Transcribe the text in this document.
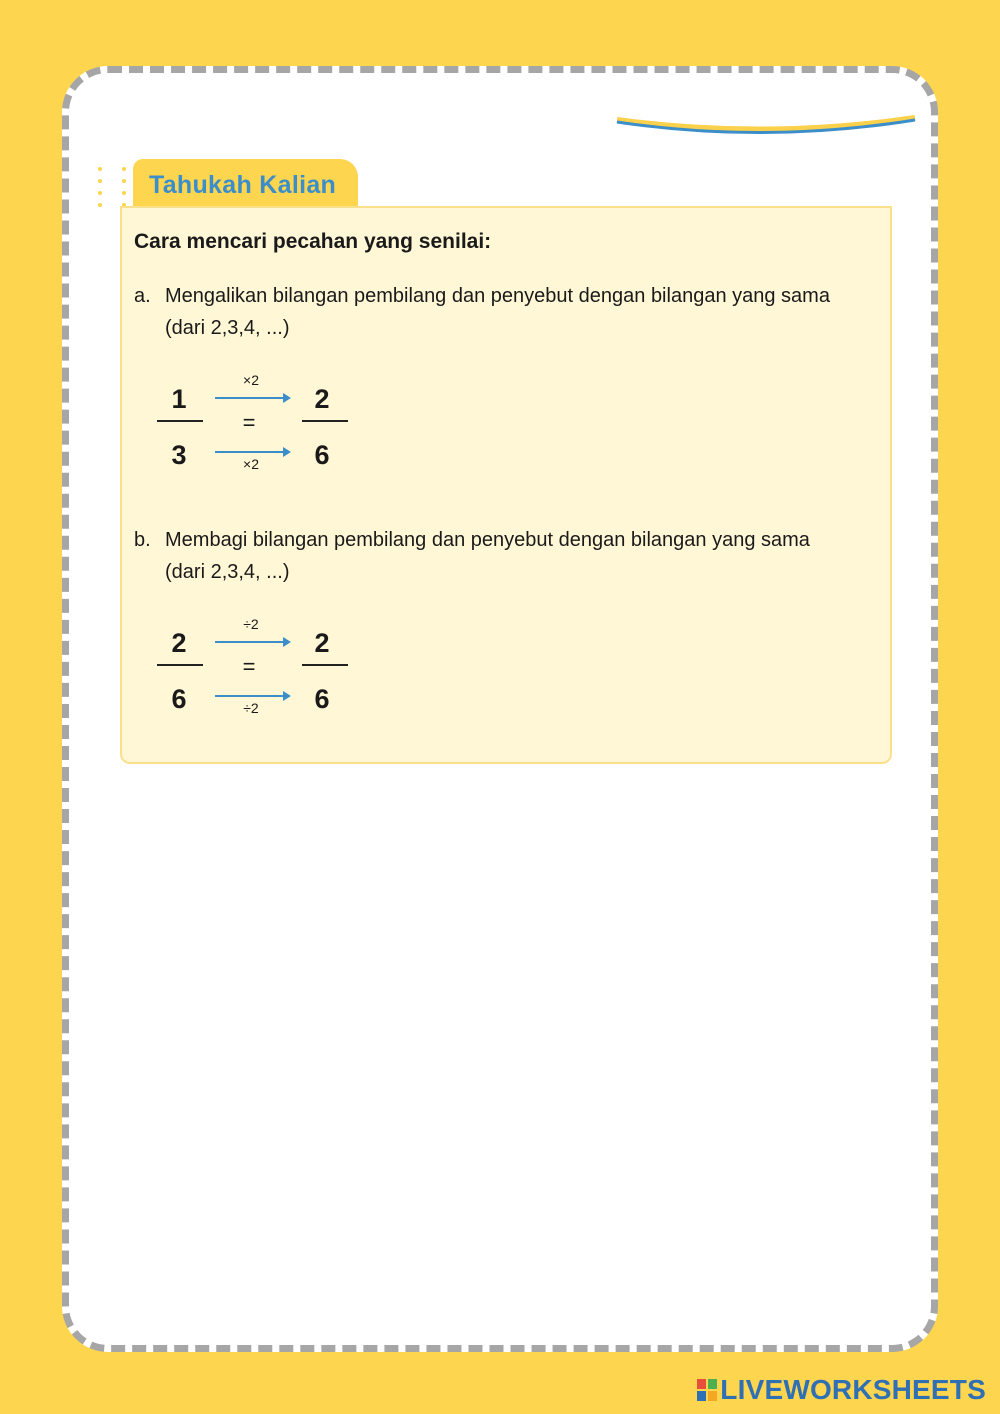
Tahukah Kalian
Cara mencari pecahan yang senilai:
a. Mengalikan bilangan pembilang dan penyebut dengan bilangan yang sama
(dari 2,3,4, ...)
1
3
×2
=
×2
2
6
b. Membagi bilangan pembilang dan penyebut dengan bilangan yang sama
(dari 2,3,4, ...)
2
6
÷2
=
÷2
2
6
LIVEWORKSHEETS
